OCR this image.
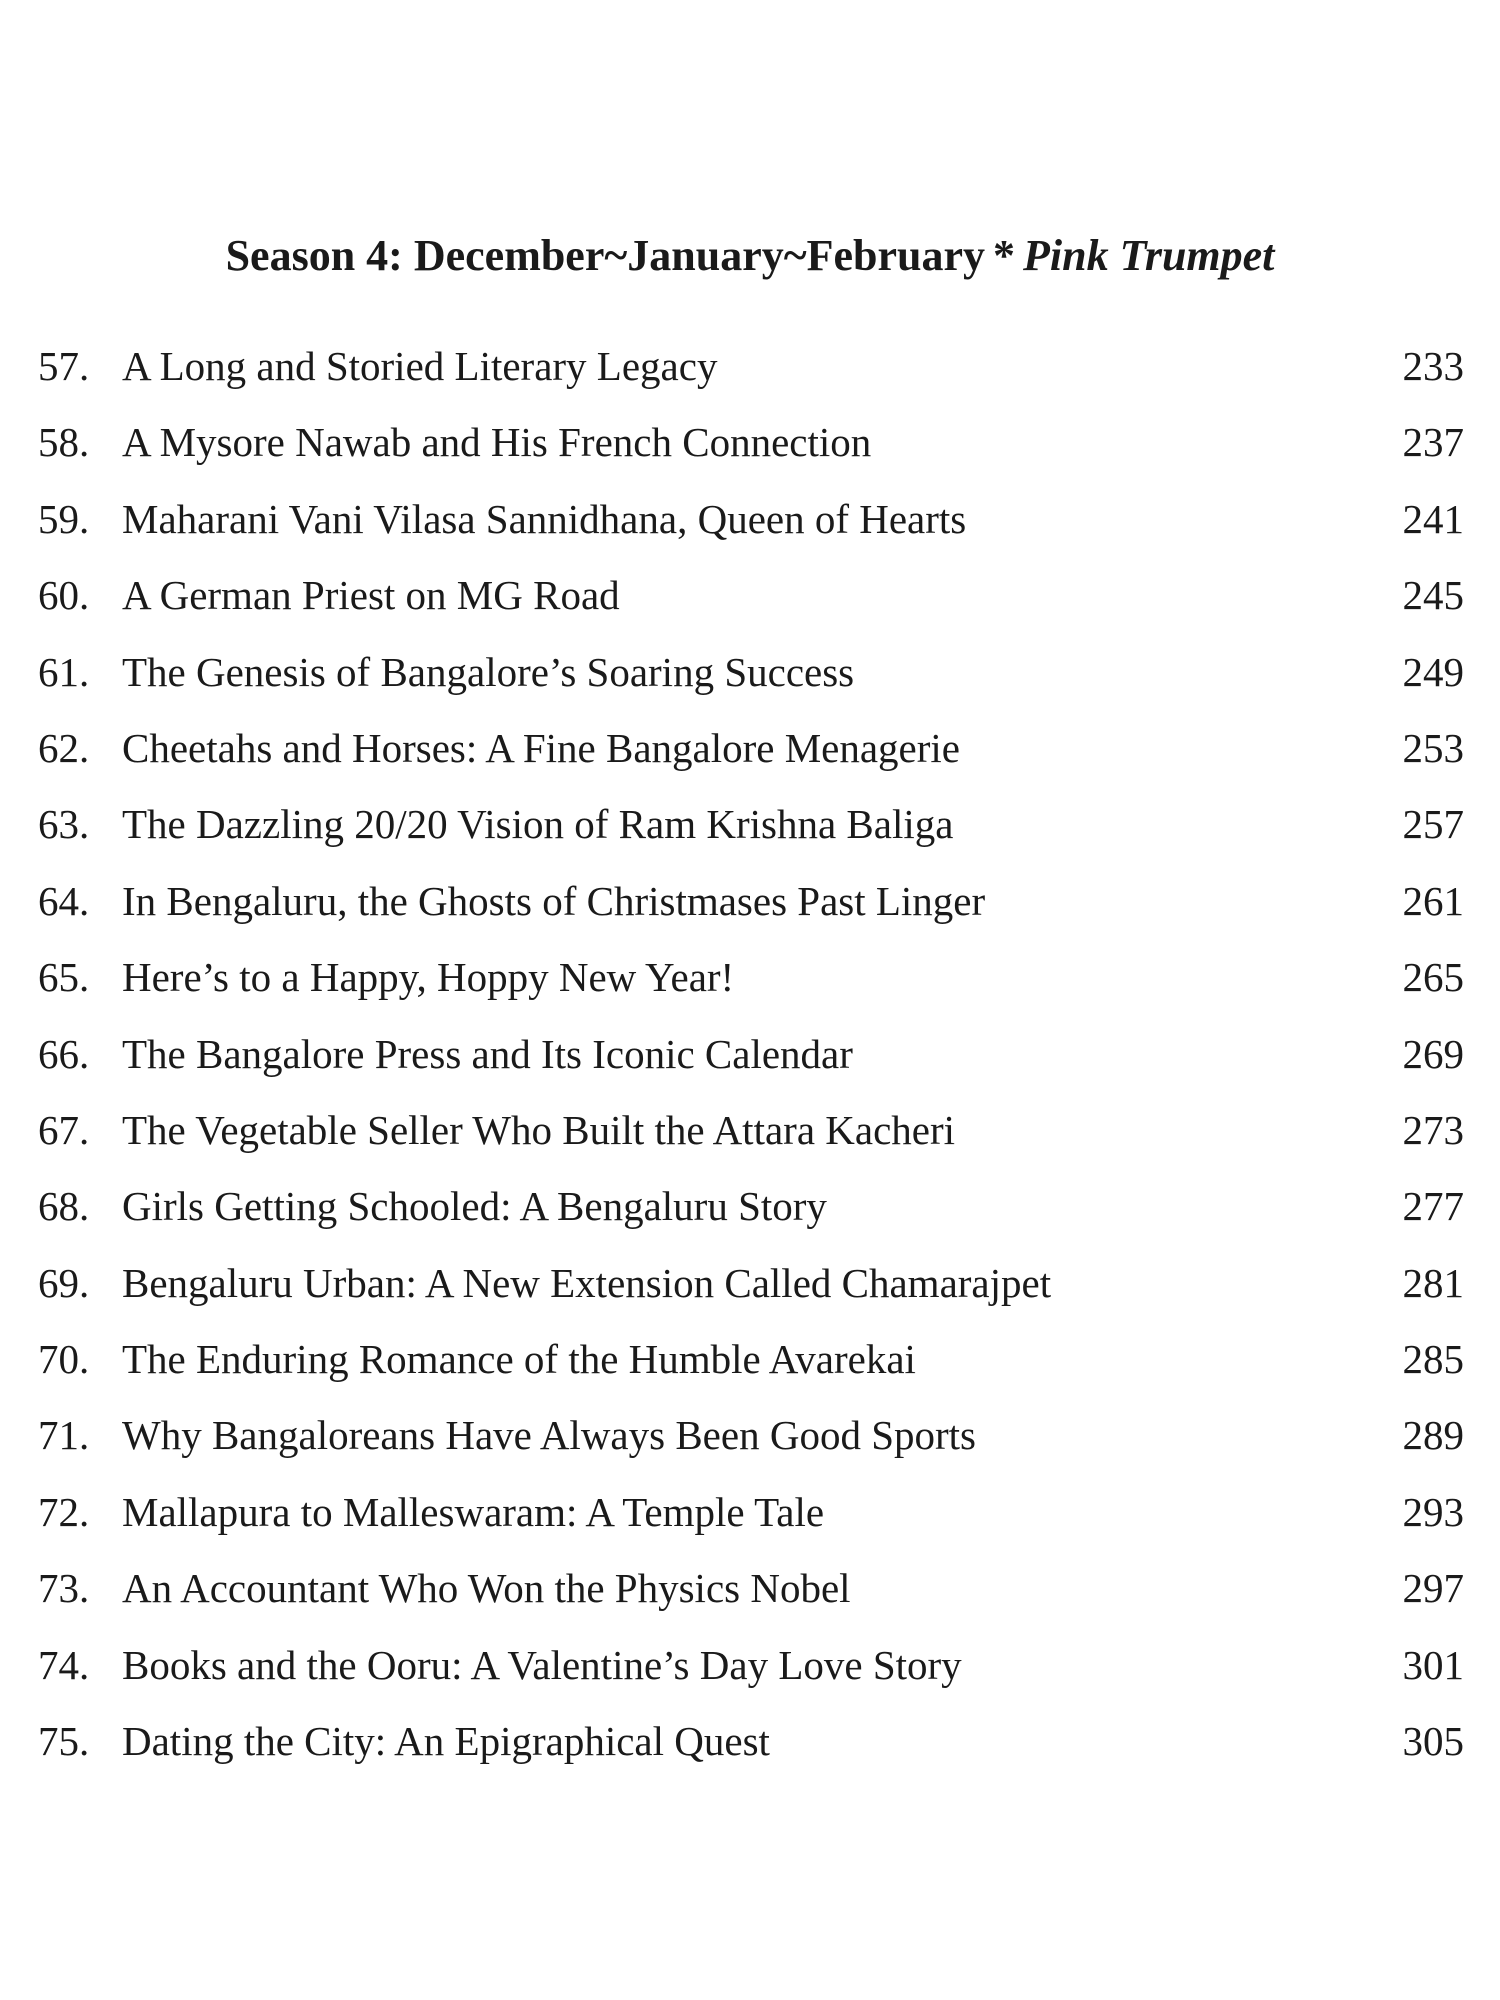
Season 4: December~January~February * Pink Trumpet
57. A Long and Storied Literary Legacy	233
58. A Mysore Nawab and His French Connection	237
59. Maharani Vani Vilasa Sannidhana, Queen of Hearts	241
60. A German Priest on MG Road	245
61. The Genesis of Bangalore’s Soaring Success	249
62. Cheetahs and Horses: A Fine Bangalore Menagerie	253
63. The Dazzling 20/20 Vision of Ram Krishna Baliga	257
64. In Bengaluru, the Ghosts of Christmases Past Linger	261
65. Here’s to a Happy, Hoppy New Year!	265
66. The Bangalore Press and Its Iconic Calendar	269
67. The Vegetable Seller Who Built the Attara Kacheri	273
68. Girls Getting Schooled: A Bengaluru Story	277
69. Bengaluru Urban: A New Extension Called Chamarajpet	281
70. The Enduring Romance of the Humble Avarekai	285
71. Why Bangaloreans Have Always Been Good Sports	289
72. Mallapura to Malleswaram: A Temple Tale	293
73. An Accountant Who Won the Physics Nobel	297
74. Books and the Ooru: A Valentine’s Day Love Story	301
75. Dating the City: An Epigraphical Quest	305
